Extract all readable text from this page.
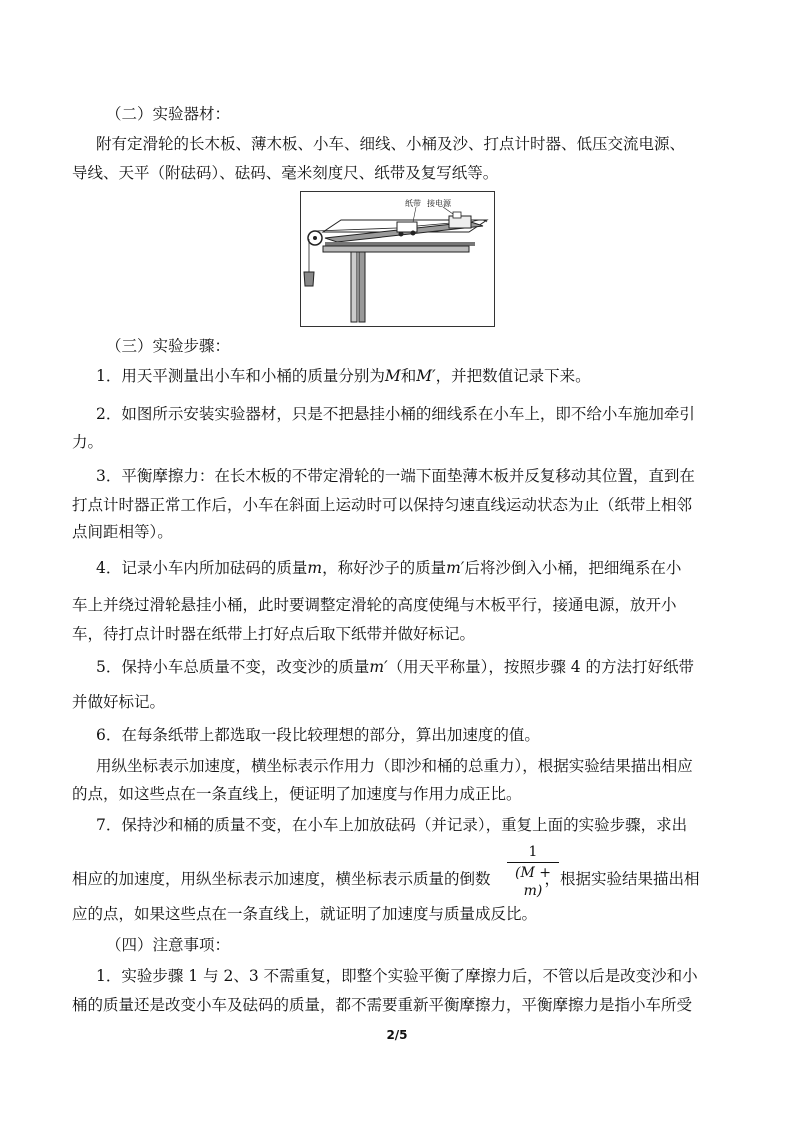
（二）实验器材：
附有定滑轮的长木板、薄木板、小车、细线、小桶及沙、打点计时器、低压交流电源、
导线、天平（附砝码）、砝码、毫米刻度尺、纸带及复写纸等。
纸带 接电源
（三）实验步骤：
1．用天平测量出小车和小桶的质量分别为M和M′，并把数值记录下来。
2．如图所示安装实验器材，只是不把悬挂小桶的细线系在小车上，即不给小车施加牵引
力。
3．平衡摩擦力：在长木板的不带定滑轮的一端下面垫薄木板并反复移动其位置，直到在
打点计时器正常工作后，小车在斜面上运动时可以保持匀速直线运动状态为止（纸带上相邻
点间距相等）。
4．记录小车内所加砝码的质量m，称好沙子的质量m′后将沙倒入小桶，把细绳系在小
车上并绕过滑轮悬挂小桶，此时要调整定滑轮的高度使绳与木板平行，接通电源，放开小
车，待打点计时器在纸带上打好点后取下纸带并做好标记。
5．保持小车总质量不变，改变沙的质量m′（用天平称量），按照步骤 4 的方法打好纸带
并做好标记。
6．在每条纸带上都选取一段比较理想的部分，算出加速度的值。
用纵坐标表示加速度，横坐标表示作用力（即沙和桶的总重力），根据实验结果描出相应
的点，如这些点在一条直线上，便证明了加速度与作用力成正比。
7．保持沙和桶的质量不变，在小车上加放砝码（并记录），重复上面的实验步骤，求出
1
(M + m)
相应的加速度，用纵坐标表示加速度，横坐标表示质量的倒数	，根据实验结果描出相
应的点，如果这些点在一条直线上，就证明了加速度与质量成反比。
（四）注意事项：
1．实验步骤 1 与 2、3 不需重复，即整个实验平衡了摩擦力后，不管以后是改变沙和小
桶的质量还是改变小车及砝码的质量，都不需要重新平衡摩擦力，平衡摩擦力是指小车所受
2/5
